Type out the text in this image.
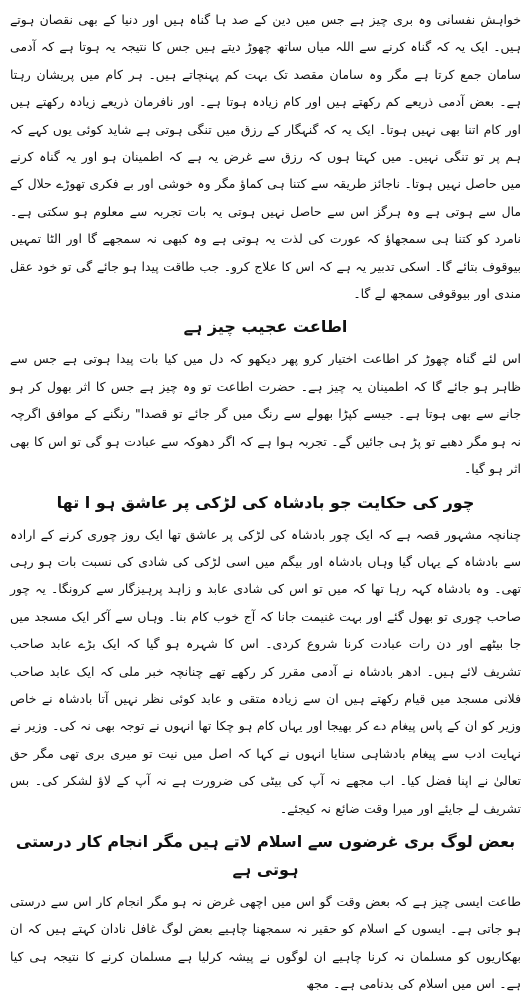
خواہش نفسانی وہ بری چیز ہے جس میں دین کے صد ہا گناہ ہیں اور دنیا کے بھی نقصان ہوتے ہیں۔ ایک یہ کہ گناہ کرنے سے اللہ میاں ساتھ چھوڑ دیتے ہیں جس کا نتیجہ یہ ہوتا ہے کہ آدمی سامان جمع کرتا ہے مگر وہ سامان مقصد تک بہت کم پہنچاتے ہیں۔ ہر کام میں پریشان رہتا ہے۔ بعض آدمی ذریعے کم رکھتے ہیں اور کام زیادہ ہوتا ہے۔ اور نافرمان ذریعے زیادہ رکھتے ہیں اور کام اتنا بھی نہیں ہوتا۔ ایک یہ کہ گنہگار کے رزق میں تنگی ہوتی ہے شاید کوئی یوں کہے کہ ہم پر تو تنگی نہیں۔ میں کہتا ہوں کہ رزق سے غرض یہ ہے کہ اطمینان ہو اور یہ گناہ کرنے میں حاصل نہیں ہوتا۔ ناجائز طریقہ سے کتنا ہی کماؤ مگر وہ خوشی اور بے فکری تھوڑے حلال کے مال سے ہوتی ہے وہ ہرگز اس سے حاصل نہیں ہوتی یہ بات تجربہ سے معلوم ہو سکتی ہے۔ نامرد کو کتنا ہی سمجھاؤ کہ عورت کی لذت یہ ہوتی ہے وہ کبھی نہ سمجھے گا اور الٹا تمہیں بیوقوف بتائے گا۔ اسکی تدبیر یہ ہے کہ اس کا علاج کرو۔ جب طاقت پیدا ہو جائے گی تو خود عقل مندی اور بیوقوفی سمجھ لے گا۔

اطاعت عجیب چیز ہے

اس لئے گناہ چھوڑ کر اطاعت اختیار کرو پھر دیکھو کہ دل میں کیا بات پیدا ہوتی ہے جس سے ظاہر ہو جائے گا کہ اطمینان یہ چیز ہے۔ حضرت اطاعت تو وہ چیز ہے جس کا اثر بھول کر ہو جانے سے بھی ہوتا ہے۔ جیسے کپڑا بھولے سے رنگ میں گر جائے تو قصدا" رنگنے کے موافق اگرچہ نہ ہو مگر دھبے تو پڑ ہی جائیں گے۔ تجربہ ہوا ہے کہ اگر دھوکہ سے عبادت ہو گی تو اس کا بھی اثر ہو گیا۔

چور کی حکایت جو بادشاہ کی لڑکی پر عاشق ہو ا تھا

چنانچہ مشہور قصہ ہے کہ ایک چور بادشاہ کی لڑکی پر عاشق تھا ایک روز چوری کرنے کے ارادہ سے بادشاہ کے یہاں گیا وہاں بادشاہ اور بیگم میں اسی لڑکی کی شادی کی نسبت بات ہو رہی تھی۔ وہ بادشاہ کہہ رہا تھا کہ میں تو اس کی شادی عابد و زاہد پرہیزگار سے کرونگا۔ یہ چور صاحب چوری تو بھول گئے اور بہت غنیمت جانا کہ آج خوب کام بنا۔ وہاں سے آکر ایک مسجد میں جا بیٹھے اور دن رات عبادت کرنا شروع کردی۔ اس کا شہرہ ہو گیا کہ ایک بڑے عابد صاحب تشریف لائے ہیں۔ ادھر بادشاہ نے آدمی مقرر کر رکھے تھے چنانچہ خبر ملی کہ ایک عابد صاحب فلانی مسجد میں قیام رکھتے ہیں ان سے زیادہ متقی و عابد کوئی نظر نہیں آتا بادشاہ نے خاص وزیر کو ان کے پاس پیغام دے کر بھیجا اور یہاں کام ہو چکا تھا انہوں نے توجہ بھی نہ کی۔ وزیر نے نہایت ادب سے پیغام بادشاہی سنایا انہوں نے کہا کہ اصل میں نیت تو میری بری تھی مگر حق تعالیٰ نے اپنا فضل کیا۔ اب مجھے نہ آپ کی بیٹی کی ضرورت ہے نہ آپ کے لاؤ لشکر کی۔ بس تشریف لے جایئے اور میرا وقت ضائع نہ کیجئے۔

بعض لوگ بری غرضوں سے اسلام لاتے ہیں مگر انجام کار درستی ہوتی ہے

طاعت ایسی چیز ہے کہ بعض وقت گو اس میں اچھی غرض نہ ہو مگر انجام کار اس سے درستی ہو جاتی ہے۔ ایسوں کے اسلام کو حقیر نہ سمجھنا چاہیے بعض لوگ غافل نادان کہتے ہیں کہ ان بھکاریوں کو مسلمان نہ کرنا چاہیے ان لوگوں نے پیشہ کرلیا ہے مسلمان کرنے کا نتیجہ ہی کیا ہے۔ اس میں اسلام کی بدنامی ہے۔ مجھ
